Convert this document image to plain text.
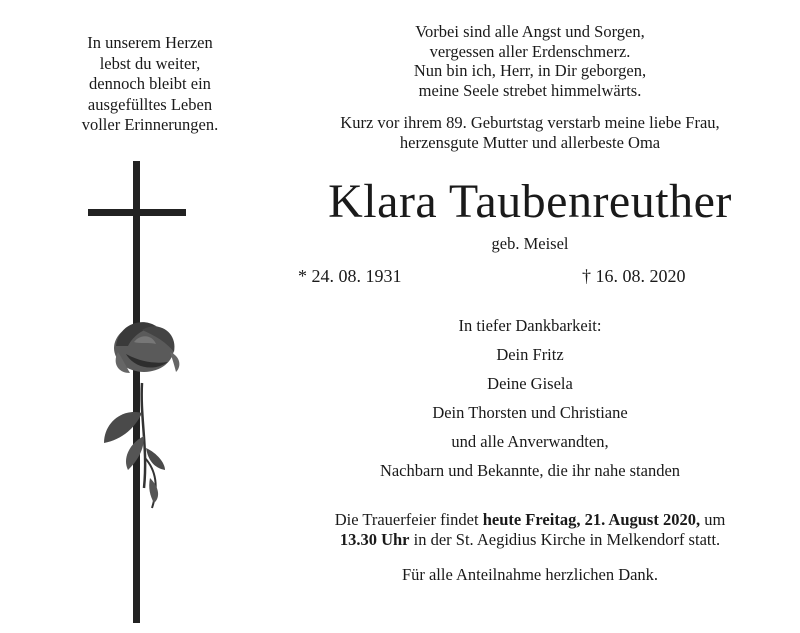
In unserem Herzen
lebst du weiter,
dennoch bleibt ein
ausgefülltes Leben
voller Erinnerungen.
Vorbei sind alle Angst und Sorgen,
vergessen aller Erdenschmerz.
Nun bin ich, Herr, in Dir geborgen,
meine Seele strebet himmelwärts.
Kurz vor ihrem 89. Geburtstag verstarb meine liebe Frau,
herzensgute Mutter und allerbeste Oma
Klara Taubenreuther
geb. Meisel
* 24. 08. 1931	† 16. 08. 2020
In tiefer Dankbarkeit:
Dein Fritz
Deine Gisela
Dein Thorsten und Christiane
und alle Anverwandten,
Nachbarn und Bekannte, die ihr nahe standen
Die Trauerfeier findet heute Freitag, 21. August 2020, um
13.30 Uhr in der St. Aegidius Kirche in Melkendorf statt.
Für alle Anteilnahme herzlichen Dank.
